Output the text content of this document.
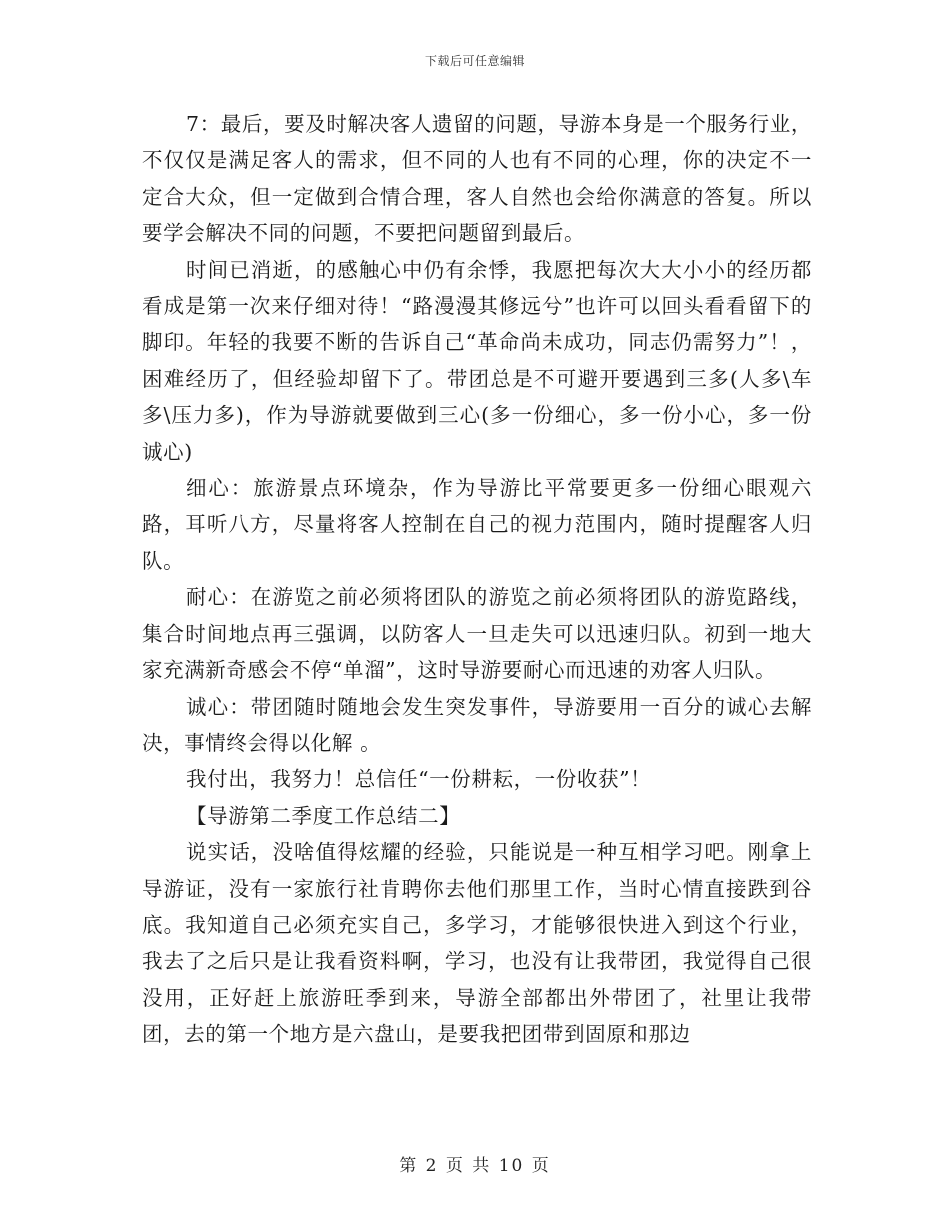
下载后可任意编辑

7：最后，要及时解决客人遗留的问题，导游本身是一个服务行业，不仅仅是满足客人的需求，但不同的人也有不同的心理，你的决定不一定合大众，但一定做到合情合理，客人自然也会给你满意的答复。所以要学会解决不同的问题，不要把问题留到最后。

时间已消逝，的感触心中仍有余悸，我愿把每次大大小小的经历都看成是第一次来仔细对待！“路漫漫其修远兮”也许可以回头看看留下的脚印。年轻的我要不断的告诉自己“革命尚未成功，同志仍需努力”！，困难经历了，但经验却留下了。带团总是不可避开要遇到三多(人多\车多\压力多)，作为导游就要做到三心(多一份细心，多一份小心，多一份诚心)

细心：旅游景点环境杂，作为导游比平常要更多一份细心眼观六路，耳听八方，尽量将客人控制在自己的视力范围内，随时提醒客人归队。

耐心：在游览之前必须将团队的游览之前必须将团队的游览路线，集合时间地点再三强调，以防客人一旦走失可以迅速归队。初到一地大家充满新奇感会不停“单溜”，这时导游要耐心而迅速的劝客人归队。

诚心：带团随时随地会发生突发事件，导游要用一百分的诚心去解决，事情终会得以化解 。

我付出，我努力！总信任“一份耕耘，一份收获”！

【导游第二季度工作总结二】

说实话，没啥值得炫耀的经验，只能说是一种互相学习吧。刚拿上导游证，没有一家旅行社肯聘你去他们那里工作，当时心情直接跌到谷底。我知道自己必须充实自己，多学习，才能够很快进入到这个行业，我去了之后只是让我看资料啊，学习，也没有让我带团，我觉得自己很没用，正好赶上旅游旺季到来，导游全部都出外带团了，社里让我带团，去的第一个地方是六盘山，是要我把团带到固原和那边

第 2 页 共 10 页
